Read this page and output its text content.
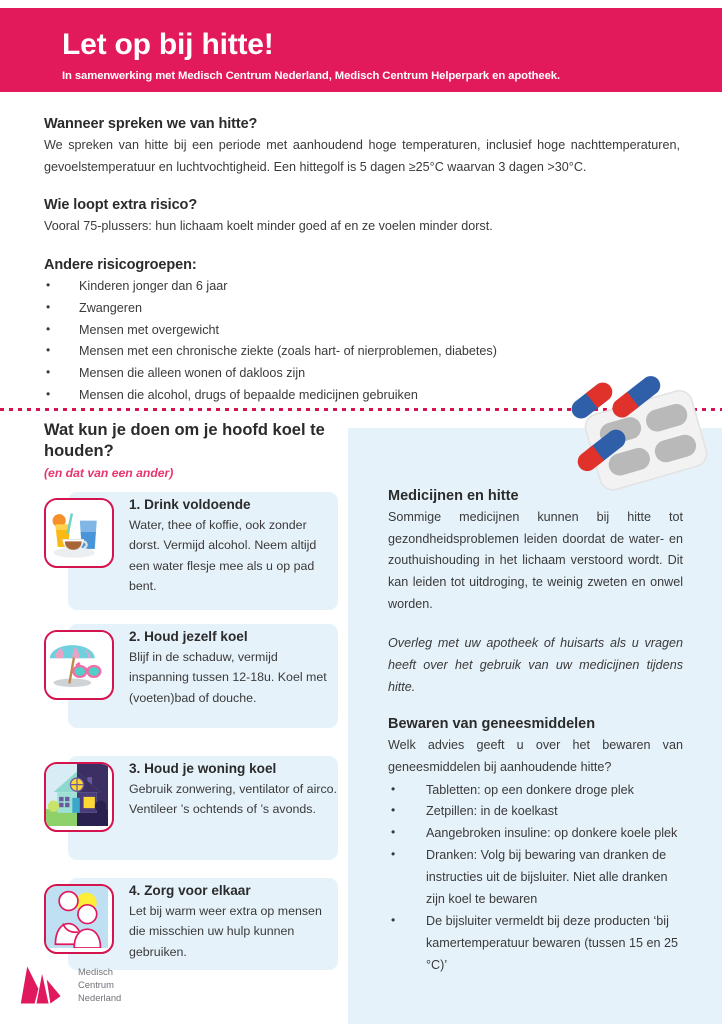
Let op bij hitte!
In samenwerking met Medisch Centrum Nederland, Medisch Centrum Helperpark en apotheek.
Wanneer spreken we van hitte?

We spreken van hitte bij een periode met aanhoudend hoge temperaturen, inclusief hoge nachttemperaturen, gevoelstemperatuur en luchtvochtigheid. Een hittegolf is 5 dagen ≥25°C waarvan 3 dagen >30°C.

Wie loopt extra risico?

Vooral 75-plussers: hun lichaam koelt minder goed af en ze voelen minder dorst.

Andere risicogroepen:
• Kinderen jonger dan 6 jaar
• Zwangeren
• Mensen met overgewicht
• Mensen met een chronische ziekte (zoals hart- of nierproblemen, diabetes)
• Mensen die alleen wonen of dakloos zijn
• Mensen die alcohol, drugs of bepaalde medicijnen gebruiken
Medicijnen en hitte

Sommige medicijnen kunnen bij hitte tot gezondheidsproblemen leiden doordat de water- en zouthuishouding in het lichaam verstoord wordt. Dit kan leiden tot uitdroging, te weinig zweten en onwel worden.

Overleg met uw apotheek of huisarts als u vragen heeft over het gebruik van uw medicijnen tijdens hitte.

Bewaren van geneesmiddelen

Welk advies geeft u over het bewaren van geneesmiddelen bij aanhoudende hitte?

• Tabletten: op een donkere droge plek
• Zetpillen: in de koelkast
• Aangebroken insuline: op donkere koele plek
• Dranken: Volg bij bewaring van dranken de instructies uit de bijsluiter. Niet alle dranken zijn koel te bewaren
• De bijsluiter vermeldt bij deze producten ‘bij kamertemperatuur bewaren (tussen 15 en 25 °C)’

Wat kun je doen om je hoofd koel te houden?

(en dat van een ander)

1. Drink voldoende

Water, thee of koffie, ook zonder dorst. Vermijd alcohol. Neem altijd een water flesje mee als u op pad bent.

2. Houd jezelf koel

Blijf in de schaduw, vermijd inspanning tussen 12-18u. Koel met (voeten)bad of douche.

3. Houd je woning koel

Gebruik zonwering, ventilator of airco. Ventileer ’s ochtends of ’s avonds.

4. Zorg voor elkaar

Let bij warm weer extra op mensen die misschien uw hulp kunnen gebruiken.

Medisch
Centrum
Nederland
